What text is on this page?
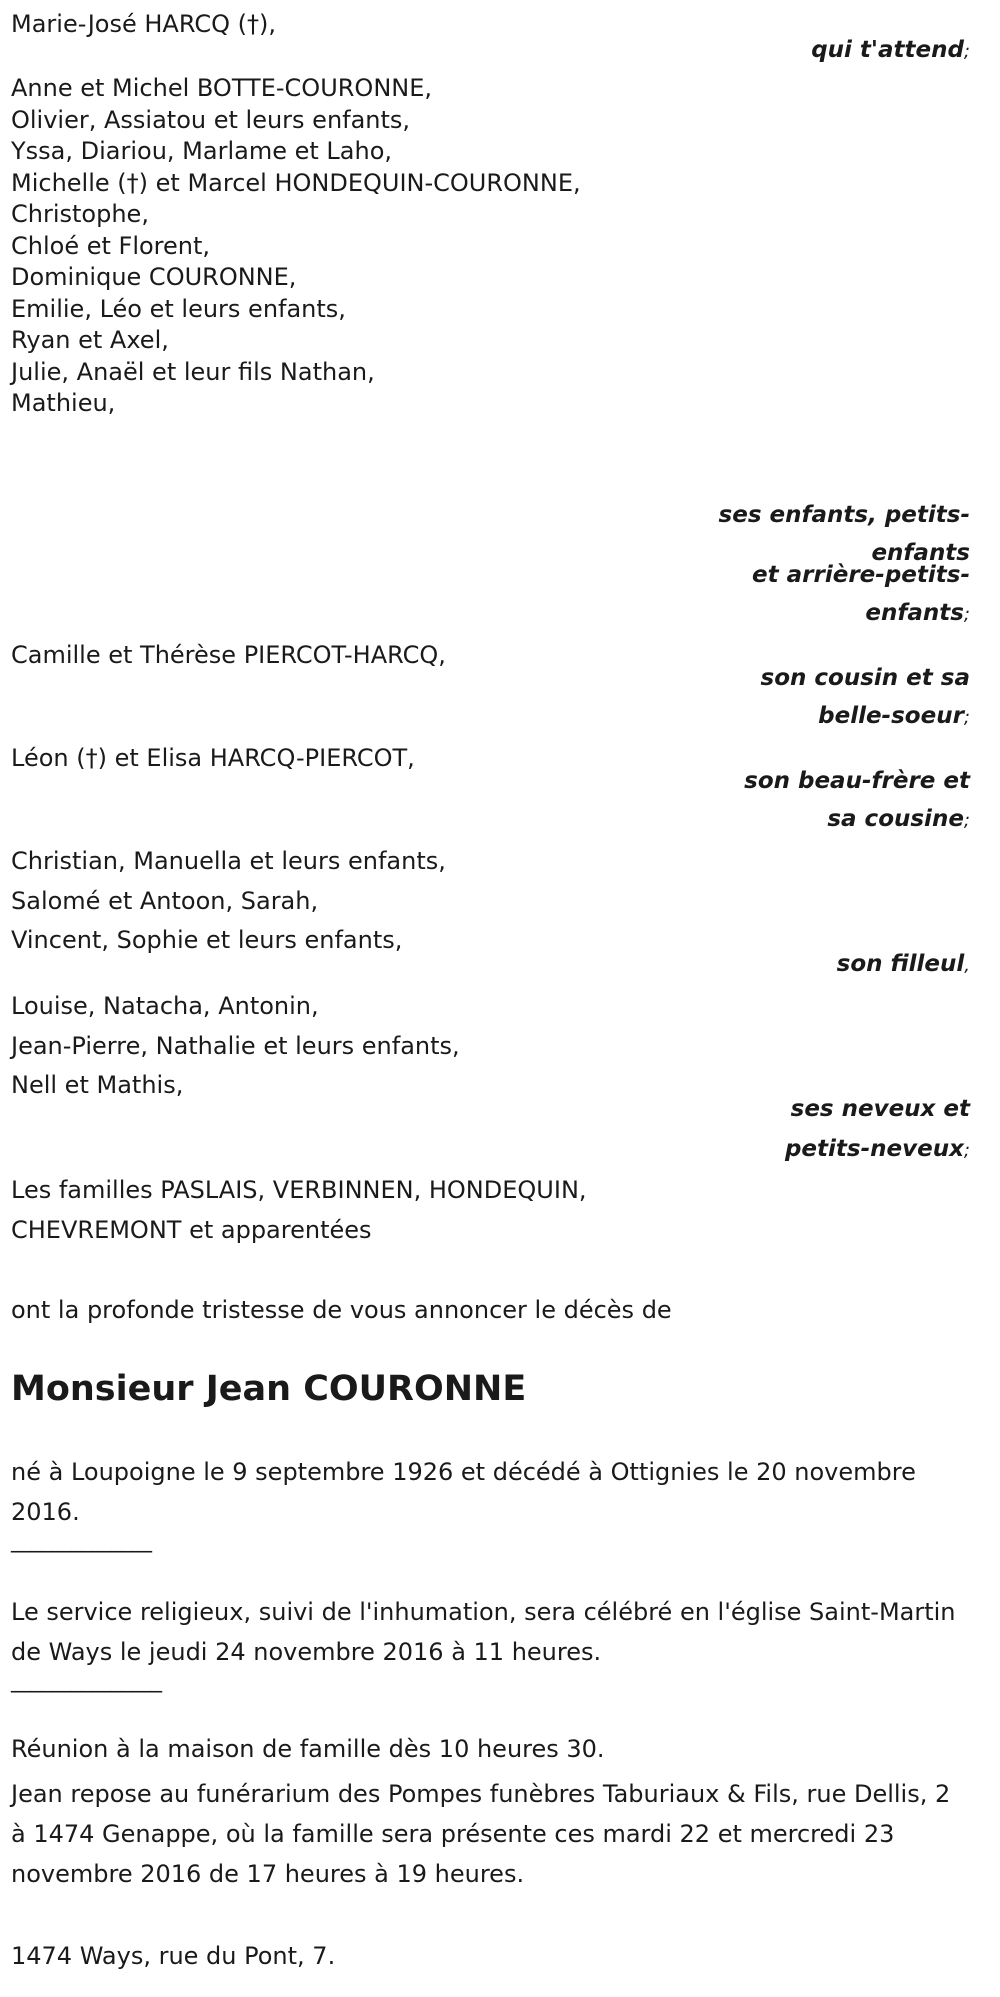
Marie-José HARCQ (†),
qui t'attend;
Anne et Michel BOTTE-COURONNE,
Olivier, Assiatou et leurs enfants,
Yssa, Diariou, Marlame et Laho,
Michelle (†) et Marcel HONDEQUIN-COURONNE,
Christophe,
Chloé et Florent,
Dominique COURONNE,
Emilie, Léo et leurs enfants,
Ryan et Axel,
Julie, Anaël et leur fils Nathan,
Mathieu,
ses enfants, petits-
enfants
et arrière-petits-
enfants;
Camille et Thérèse PIERCOT-HARCQ,
son cousin et sa
belle-soeur;
Léon (†) et Elisa HARCQ-PIERCOT,
son beau-frère et
sa cousine;
Christian, Manuella et leurs enfants,
Salomé et Antoon, Sarah,
Vincent, Sophie et leurs enfants,
son filleul,
Louise, Natacha, Antonin,
Jean-Pierre, Nathalie et leurs enfants,
Nell et Mathis,
ses neveux et
petits-neveux;
Les familles PASLAIS, VERBINNEN, HONDEQUIN,
CHEVREMONT et apparentées
ont la profonde tristesse de vous annoncer le décès de
Monsieur Jean COURONNE
né à Loupoigne le 9 septembre 1926 et décédé à Ottignies le 20 novembre 2016.
______________
Le service religieux, suivi de l'inhumation, sera célébré en l'église Saint-Martin de Ways le jeudi 24 novembre 2016 à 11 heures.
_______________
Réunion à la maison de famille dès 10 heures 30.
Jean repose au funérarium des Pompes funèbres Taburiaux & Fils, rue Dellis, 2 à 1474 Genappe, où la famille sera présente ces mardi 22 et mercredi 23 novembre 2016 de 17 heures à 19 heures.
1474 Ways, rue du Pont, 7.
